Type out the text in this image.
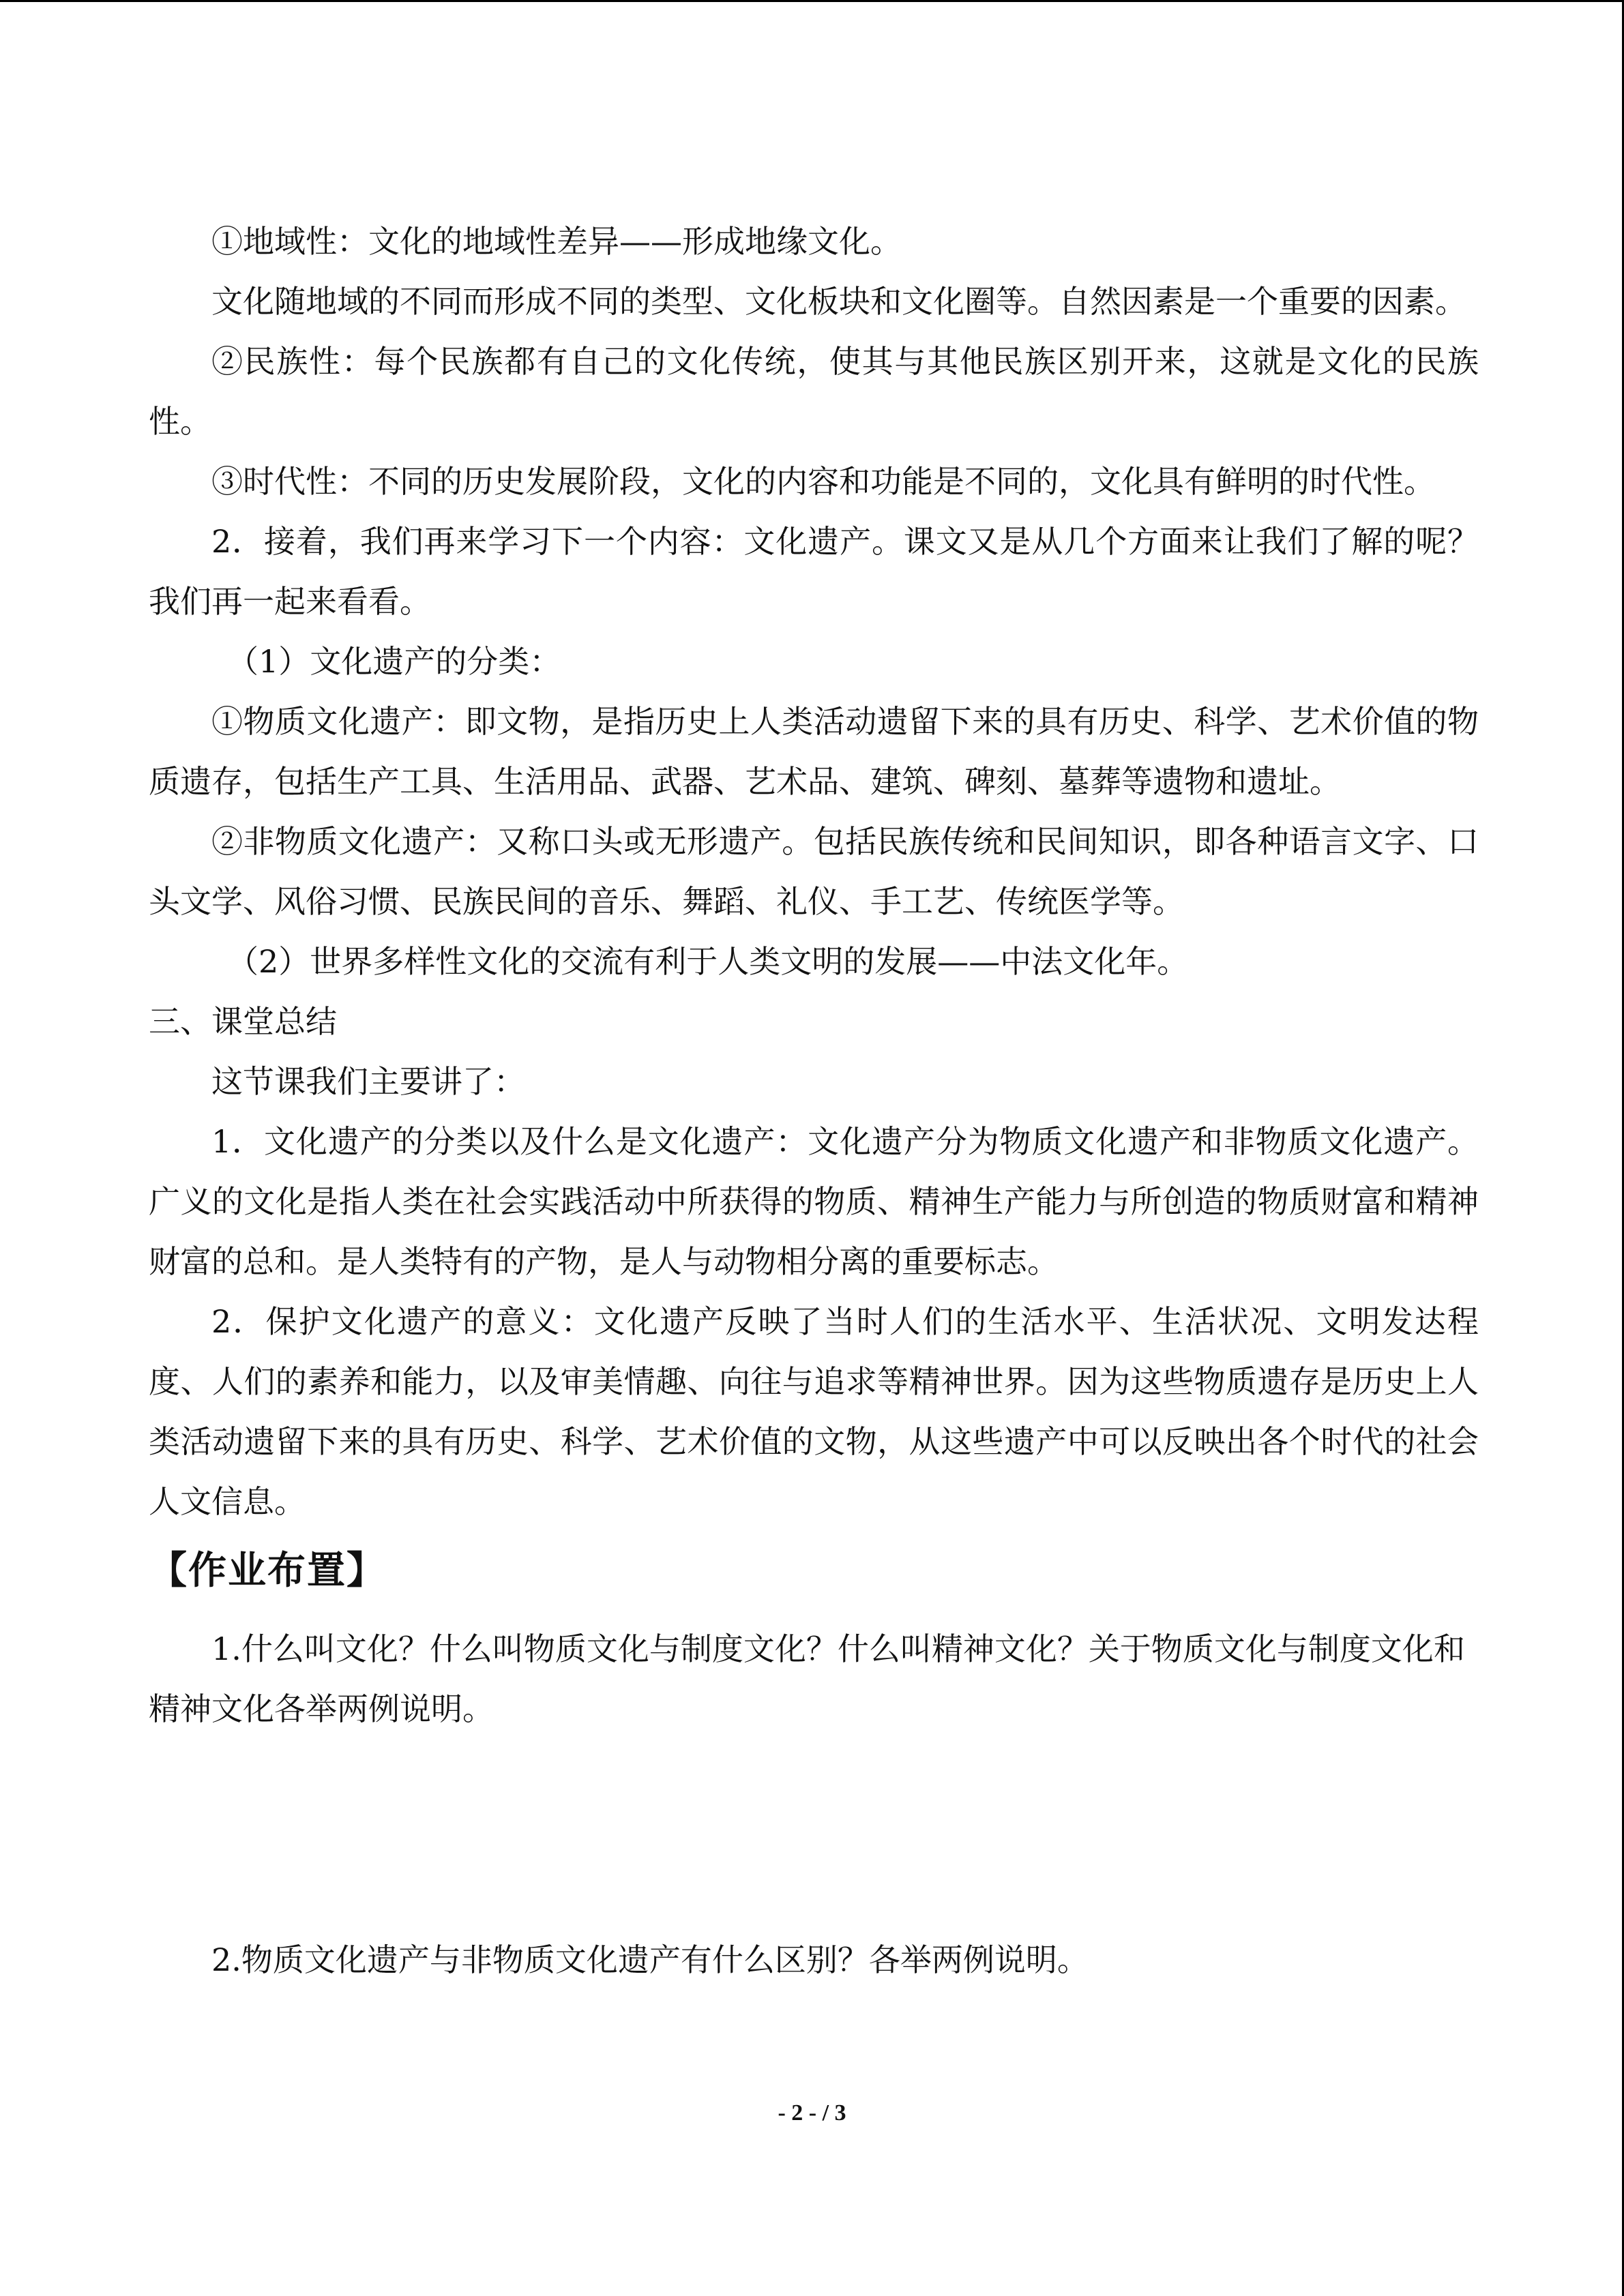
①地域性：文化的地域性差异——形成地缘文化。

文化随地域的不同而形成不同的类型、文化板块和文化圈等。自然因素是一个重要的因素。

②民族性：每个民族都有自己的文化传统，使其与其他民族区别开来，这就是文化的民族性。

③时代性：不同的历史发展阶段，文化的内容和功能是不同的，文化具有鲜明的时代性。

2．接着，我们再来学习下一个内容：文化遗产。课文又是从几个方面来让我们了解的呢？我们再一起来看看。

（1）文化遗产的分类：

①物质文化遗产：即文物，是指历史上人类活动遗留下来的具有历史、科学、艺术价值的物质遗存，包括生产工具、生活用品、武器、艺术品、建筑、碑刻、墓葬等遗物和遗址。

②非物质文化遗产：又称口头或无形遗产。包括民族传统和民间知识，即各种语言文字、口头文学、风俗习惯、民族民间的音乐、舞蹈、礼仪、手工艺、传统医学等。

（2）世界多样性文化的交流有利于人类文明的发展——中法文化年。

三、课堂总结

这节课我们主要讲了：

1．文化遗产的分类以及什么是文化遗产：文化遗产分为物质文化遗产和非物质文化遗产。广义的文化是指人类在社会实践活动中所获得的物质、精神生产能力与所创造的物质财富和精神财富的总和。是人类特有的产物，是人与动物相分离的重要标志。

2．保护文化遗产的意义：文化遗产反映了当时人们的生活水平、生活状况、文明发达程度、人们的素养和能力，以及审美情趣、向往与追求等精神世界。因为这些物质遗存是历史上人类活动遗留下来的具有历史、科学、艺术价值的文物，从这些遗产中可以反映出各个时代的社会人文信息。

【作业布置】

1.什么叫文化？什么叫物质文化与制度文化？什么叫精神文化？关于物质文化与制度文化和精神文化各举两例说明。

2.物质文化遗产与非物质文化遗产有什么区别？各举两例说明。

- 2 - / 3
